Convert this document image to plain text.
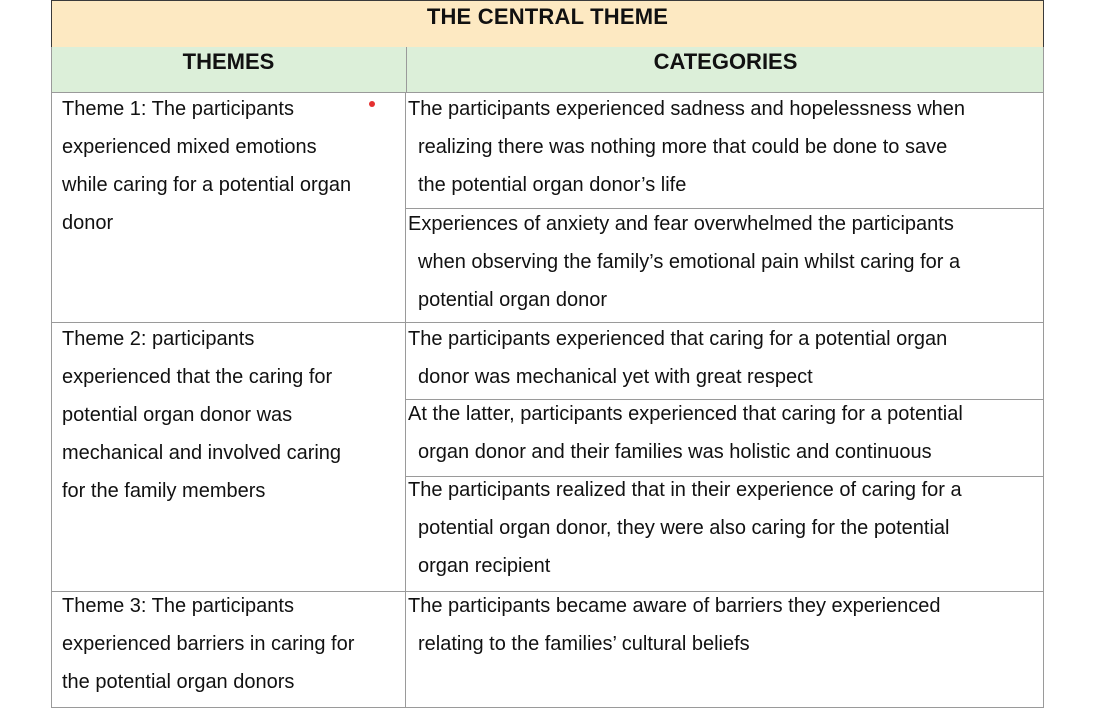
THE CENTRAL THEME
THEMES	CATEGORIES
Theme 1: The participants
experienced mixed emotions
while caring for a potential organ
donor
The participants experienced sadness and hopelessness when
realizing there was nothing more that could be done to save
the potential organ donor’s life
Experiences of anxiety and fear overwhelmed the participants
when observing the family’s emotional pain whilst caring for a
potential organ donor
Theme 2: participants
experienced that the caring for
potential organ donor was
mechanical and involved caring
for the family members
The participants experienced that caring for a potential organ
donor was mechanical yet with great respect
At the latter, participants experienced that caring for a potential
organ donor and their families was holistic and continuous
The participants realized that in their experience of caring for a
potential organ donor, they were also caring for the potential
organ recipient
Theme 3: The participants
experienced barriers in caring for
the potential organ donors
The participants became aware of barriers they experienced
relating to the families’ cultural beliefs
